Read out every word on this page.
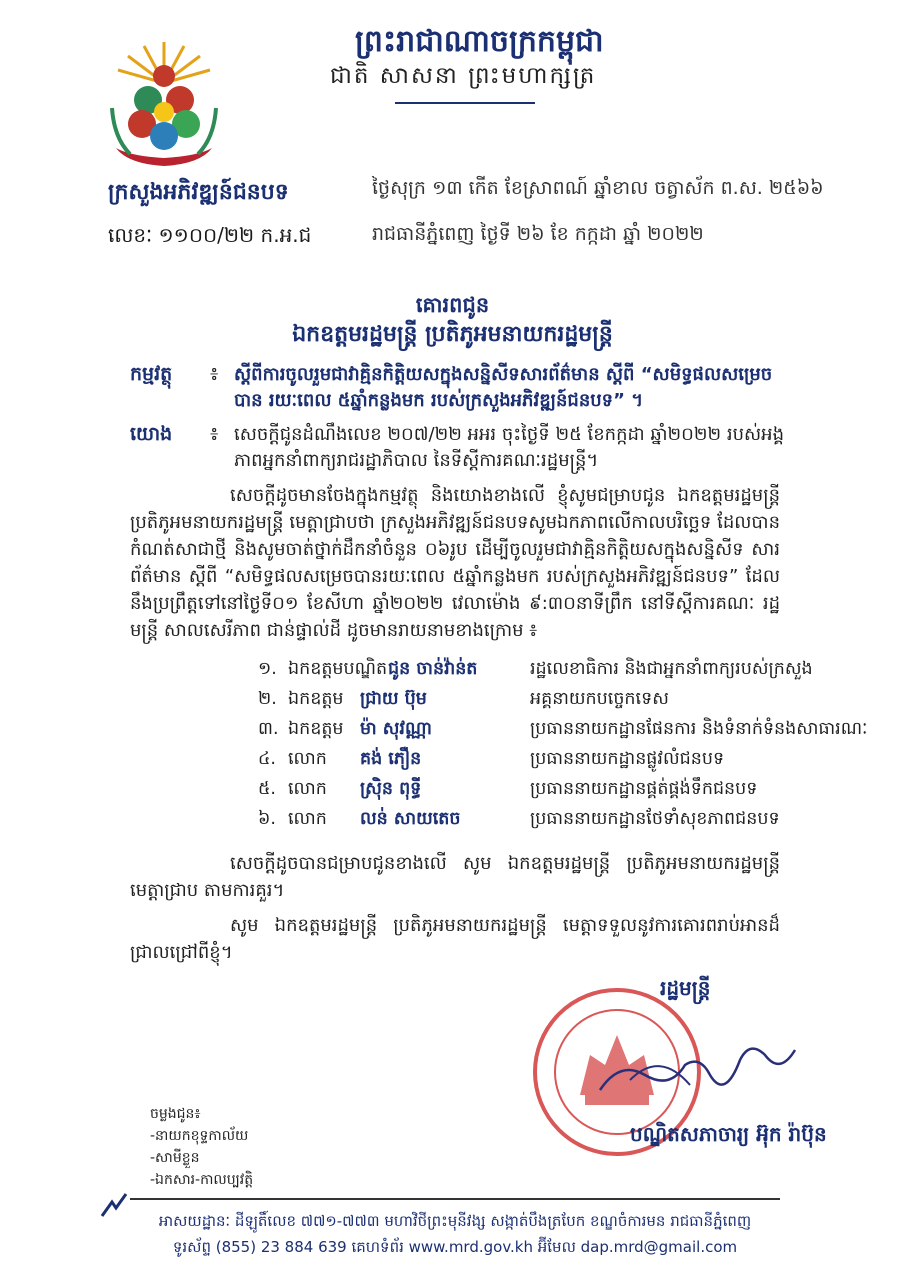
ព្រះរាជាណាចក្រកម្ពុជា
ជាតិ សាសនា ព្រះមហាក្សត្រ
ក្រសួងអភិវឌ្ឍន៍ជនបទ
លេខៈ ១១០០/២២ ក.អ.ជ
ថ្ងៃសុក្រ ១៣ កើត ខែ​ស្រាពណ៍ ឆ្នាំខាល ចត្វាស័ក ព.ស. ២៥៦៦
រាជធានីភ្នំពេញ ថ្ងៃទី ២៦ ខែ កក្កដា ឆ្នាំ ២០២២
គោរពជូន
ឯកឧត្តមរដ្ឋមន្ត្រី ប្រតិភូអមនាយករដ្ឋមន្ត្រី
កម្មវត្ថុ ៖ ស្តីពីការចូលរួមជាវាគ្មិនកិត្តិយសក្នុងសន្និសីទសារព័ត៌មាន ស្តីពី “សមិទ្ធផលសម្រេចបាន រយៈពេល ៥ឆ្នាំកន្លងមក របស់ក្រសួងអភិវឌ្ឍន៍ជនបទ” ។
យោង ៖ សេចក្តីជូនដំណឹងលេខ ២០៧/២២ អអរ ចុះថ្ងៃទី ២៥ ខែកក្កដា ឆ្នាំ២០២២ របស់អង្គភាពអ្នកនាំពាក្យរាជរដ្ឋាភិបាល នៃទីស្តីការគណៈរដ្ឋមន្ត្រី។
សេចក្តីដូចមានចែងក្នុងកម្មវត្ថុ និងយោងខាងលើ ខ្ញុំសូមជម្រាបជូន ឯកឧត្តមរដ្ឋមន្ត្រី ប្រតិភូអមនាយករដ្ឋមន្ត្រី មេត្តាជ្រាបថា ក្រសួងអភិវឌ្ឍន៍ជនបទសូមឯកភាពលើកាលបរិច្ឆេទ ដែលបានកំណត់សាជាថ្មី និងសូមចាត់ថ្នាក់ដឹកនាំចំនួន ០៦រូប ដើម្បីចូលរួមជាវាគ្មិនកិត្តិយសក្នុងសន្និសីទ សារព័ត៌មាន ស្តីពី “សមិទ្ធផលសម្រេចបានរយៈពេល ៥ឆ្នាំកន្លងមក របស់ក្រសួងអភិវឌ្ឍន៍ជនបទ” ដែលនឹងប្រព្រឹត្តទៅនៅថ្ងៃទី០១ ខែសីហា ឆ្នាំ២០២២ វេលាម៉ោង ៩:៣០នាទីព្រឹក នៅទីស្តីការគណៈ រដ្ឋមន្ត្រី សាលសេរីភាព ជាន់ផ្ទាល់ដី ដូចមានរាយនាមខាងក្រោម ៖
១. ឯកឧត្តមបណ្ឌិតជូន ចាន់វ៉ាន់ត	រដ្ឋលេខាធិការ និងជាអ្នកនាំពាក្យរបស់ក្រសួង
២. ឯកឧត្តម ជ្រាយ ប៊ុម	អគ្គនាយកបច្ចេកទេស
៣. ឯកឧត្តម ម៉ា សុវណ្ណា	ប្រធាននាយកដ្ឋានផែនការ និងទំនាក់ទំនងសាធារណៈ
៤. លោក គង់ ភឿន	ប្រធាននាយកដ្ឋានផ្លូវលំជនបទ
៥. លោក ស្រ៊ិន ពុទ្ធី	ប្រធាននាយកដ្ឋានផ្គត់ផ្គង់ទឹកជនបទ
៦. លោក លន់ សាយតេច	ប្រធាននាយកដ្ឋានថែទាំសុខភាពជនបទ
សេចក្តីដូចបានជម្រាបជូនខាងលើ សូម ឯកឧត្តមរដ្ឋមន្ត្រី ប្រតិភូអមនាយករដ្ឋមន្ត្រី មេត្តាជ្រាប តាមការគួរ។
សូម ឯកឧត្តមរដ្ឋមន្ត្រី ប្រតិភូអមនាយករដ្ឋមន្ត្រី មេត្តាទទួលនូវការគោរពរាប់អានដ៏ជ្រាលជ្រៅពីខ្ញុំ។
រដ្ឋមន្ត្រី
បណ្ឌិតសភាចារ្យ អ៊ុក រ៉ាប៊ុន
ចម្លងជូន៖
-នាយកខុទ្ទកាល័យ
-សាមីខ្លួន
-ឯកសារ-កាលប្បវត្តិ
អាសយដ្ឋានៈ ដីឡូតិ៍លេខ ៧៧១-៧៧៣ មហាវិថីព្រះមុនីវង្ស សង្កាត់បឹងត្របែក ខណ្ឌចំការមន រាជធានីភ្នំពេញ
ទូរស័ព្ទ (855) 23 884 639 គេហទំព័រ www.mrd.gov.kh អ៊ីមែល dap.mrd@gmail.com
